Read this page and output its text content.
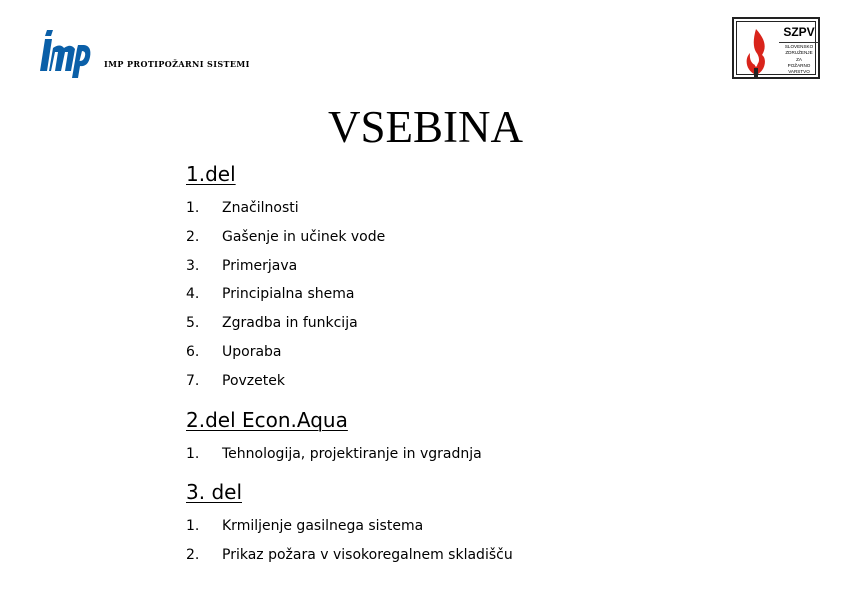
IMP PROTIPOŽARNI SISTEMI
SZPV
SLOVENSKO
ZDRUŽENJE
ZA
POŽARNO
VARSTVO
VSEBINA
1.del
1. Značilnosti
2. Gašenje in učinek vode
3. Primerjava
4. Principialna shema
5. Zgradba in funkcija
6. Uporaba
7. Povzetek
2.del Econ.Aqua
1. Tehnologija, projektiranje in vgradnja
3. del
1. Krmiljenje gasilnega sistema
2. Prikaz požara v visokoregalnem skladišču
